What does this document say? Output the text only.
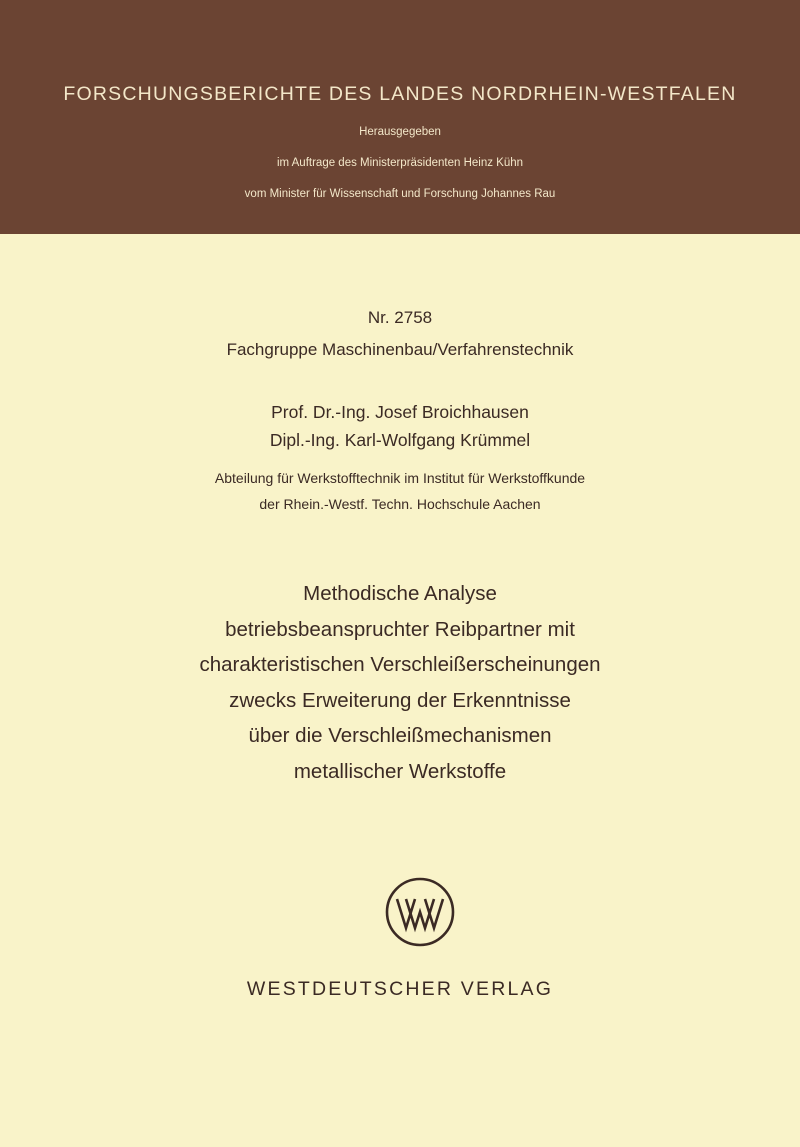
FORSCHUNGSBERICHTE DES LANDES NORDRHEIN-WESTFALEN
Herausgegeben
im Auftrage des Ministerpräsidenten Heinz Kühn
vom Minister für Wissenschaft und Forschung Johannes Rau
Nr. 2758
Fachgruppe Maschinenbau/Verfahrenstechnik
Prof. Dr.-Ing. Josef Broichhausen
Dipl.-Ing. Karl-Wolfgang Krümmel
Abteilung für Werkstofftechnik im Institut für Werkstoffkunde
der Rhein.-Westf. Techn. Hochschule Aachen
Methodische Analyse
betriebsbeanspruchter Reibpartner mit
charakteristischen Verschleißerscheinungen
zwecks Erweiterung der Erkenntnisse
über die Verschleißmechanismen
metallischer Werkstoffe
WESTDEUTSCHER VERLAG
